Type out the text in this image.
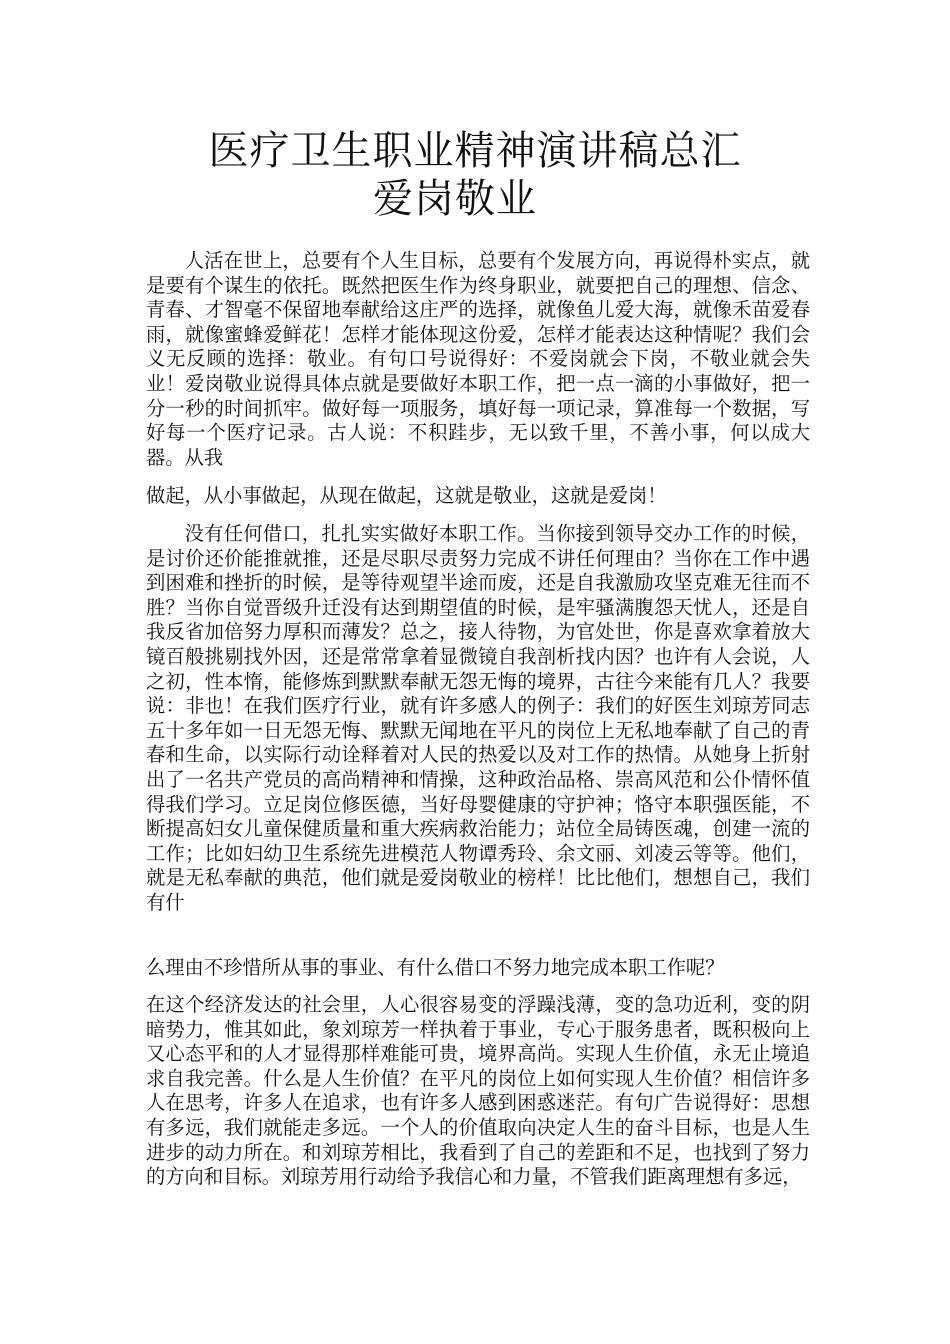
医疗卫生职业精神演讲稿总汇
爱岗敬业

人活在世上，总要有个人生目标，总要有个发展方向，再说得朴实点，就是要有个谋生的依托。既然把医生作为终身职业，就要把自己的理想、信念、青春、才智毫不保留地奉献给这庄严的选择，就像鱼儿爱大海，就像禾苗爱春雨，就像蜜蜂爱鲜花！怎样才能体现这份爱，怎样才能表达这种情呢？我们会义无反顾的选择：敬业。有句口号说得好：不爱岗就会下岗，不敬业就会失业！爱岗敬业说得具体点就是要做好本职工作，把一点一滴的小事做好，把一分一秒的时间抓牢。做好每一项服务，填好每一项记录，算准每一个数据，写好每一个医疗记录。古人说：不积跬步，无以致千里，不善小事，何以成大器。从我

做起，从小事做起，从现在做起，这就是敬业，这就是爱岗！

没有任何借口，扎扎实实做好本职工作。当你接到领导交办工作的时候，是讨价还价能推就推，还是尽职尽责努力完成不讲任何理由？当你在工作中遇到困难和挫折的时候，是等待观望半途而废，还是自我激励攻坚克难无往而不胜？当你自觉晋级升迁没有达到期望值的时候，是牢骚满腹怨天忧人，还是自我反省加倍努力厚积而薄发？总之，接人待物，为官处世，你是喜欢拿着放大镜百般挑剔找外因，还是常常拿着显微镜自我剖析找内因？也许有人会说，人之初，性本惰，能修炼到默默奉献无怨无悔的境界，古往今来能有几人？我要说：非也！在我们医疗行业，就有许多感人的例子：我们的好医生刘琼芳同志五十多年如一日无怨无悔、默默无闻地在平凡的岗位上无私地奉献了自己的青春和生命，以实际行动诠释着对人民的热爱以及对工作的热情。从她身上折射出了一名共产党员的高尚精神和情操，这种政治品格、崇高风范和公仆情怀值得我们学习。立足岗位修医德，当好母婴健康的守护神；恪守本职强医能，不断提高妇女儿童保健质量和重大疾病救治能力；站位全局铸医魂，创建一流的工作；比如妇幼卫生系统先进模范人物谭秀玲、余文丽、刘凌云等等。他们，就是无私奉献的典范，他们就是爱岗敬业的榜样！比比他们，想想自己，我们有什

么理由不珍惜所从事的事业、有什么借口不努力地完成本职工作呢？

在这个经济发达的社会里，人心很容易变的浮躁浅薄，变的急功近利，变的阴暗势力，惟其如此，象刘琼芳一样执着于事业，专心于服务患者，既积极向上又心态平和的人才显得那样难能可贵，境界高尚。实现人生价值，永无止境追求自我完善。什么是人生价值？在平凡的岗位上如何实现人生价值？相信许多人在思考，许多人在追求，也有许多人感到困惑迷茫。有句广告说得好：思想有多远，我们就能走多远。一个人的价值取向决定人生的奋斗目标，也是人生进步的动力所在。和刘琼芳相比，我看到了自己的差距和不足，也找到了努力的方向和目标。刘琼芳用行动给予我信心和力量，不管我们距离理想有多远，
